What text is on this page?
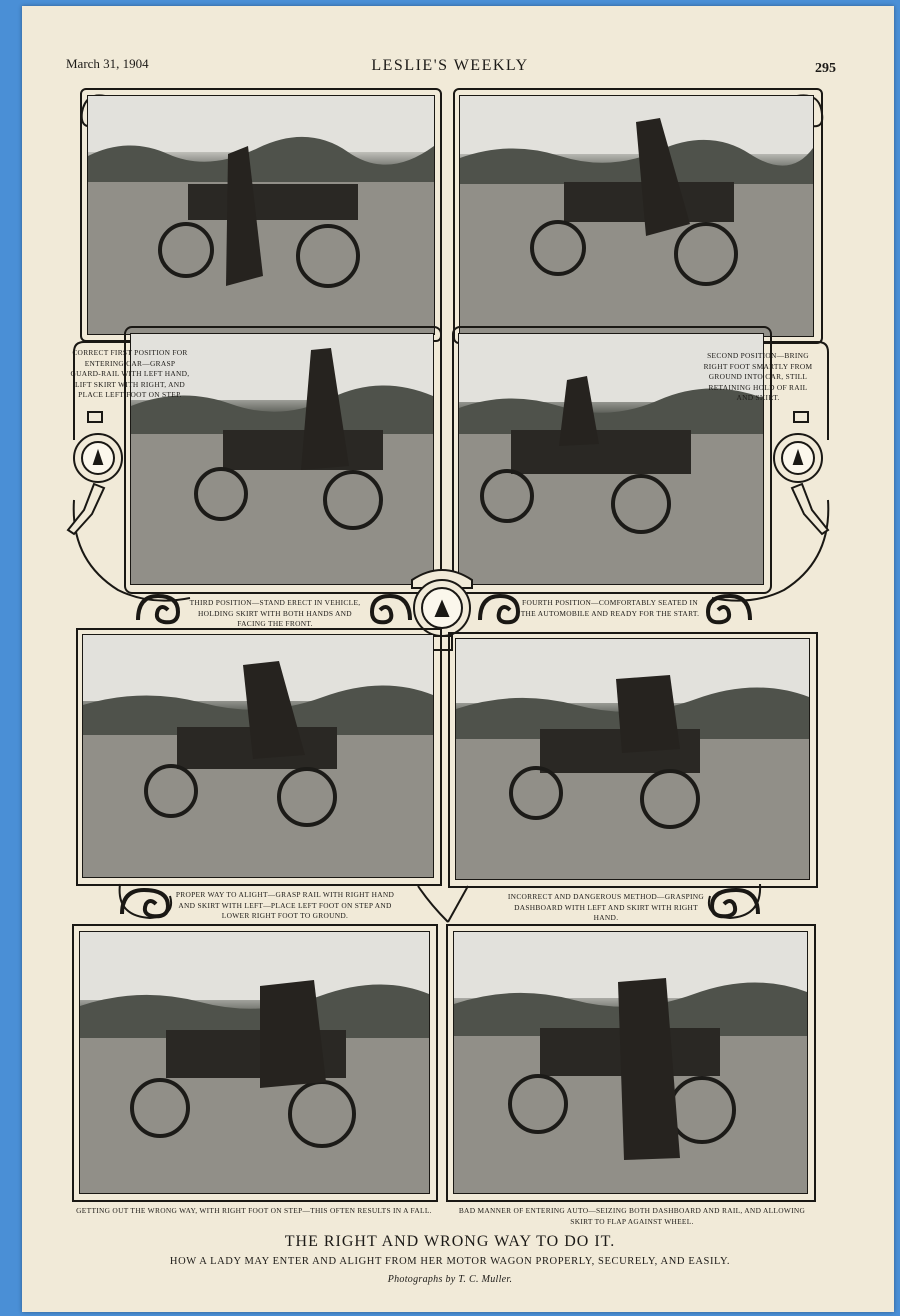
March 31, 1904	LESLIE'S WEEKLY	295
CORRECT FIRST POSITION FOR ENTERING CAR—GRASP GUARD-RAIL WITH LEFT HAND, LIFT SKIRT WITH RIGHT, AND PLACE LEFT FOOT ON STEP.
SECOND POSITION—BRING RIGHT FOOT SMARTLY FROM GROUND INTO CAR, STILL RETAINING HOLD OF RAIL AND SKIRT.
THIRD POSITION—STAND ERECT IN VEHICLE, HOLDING SKIRT WITH BOTH HANDS AND FACING THE FRONT.
FOURTH POSITION—COMFORTABLY SEATED IN THE AUTOMOBILE AND READY FOR THE START.
PROPER WAY TO ALIGHT—GRASP RAIL WITH RIGHT HAND AND SKIRT WITH LEFT—PLACE LEFT FOOT ON STEP AND LOWER RIGHT FOOT TO GROUND.
INCORRECT AND DANGEROUS METHOD—GRASPING DASHBOARD WITH LEFT AND SKIRT WITH RIGHT HAND.
GETTING OUT THE WRONG WAY, WITH RIGHT FOOT ON STEP—THIS OFTEN RESULTS IN A FALL.	BAD MANNER OF ENTERING AUTO—SEIZING BOTH DASHBOARD AND RAIL, AND ALLOWING SKIRT TO FLAP AGAINST WHEEL.
THE RIGHT AND WRONG WAY TO DO IT.
HOW A LADY MAY ENTER AND ALIGHT FROM HER MOTOR WAGON PROPERLY, SECURELY, AND EASILY.
Photographs by T. C. Muller.
